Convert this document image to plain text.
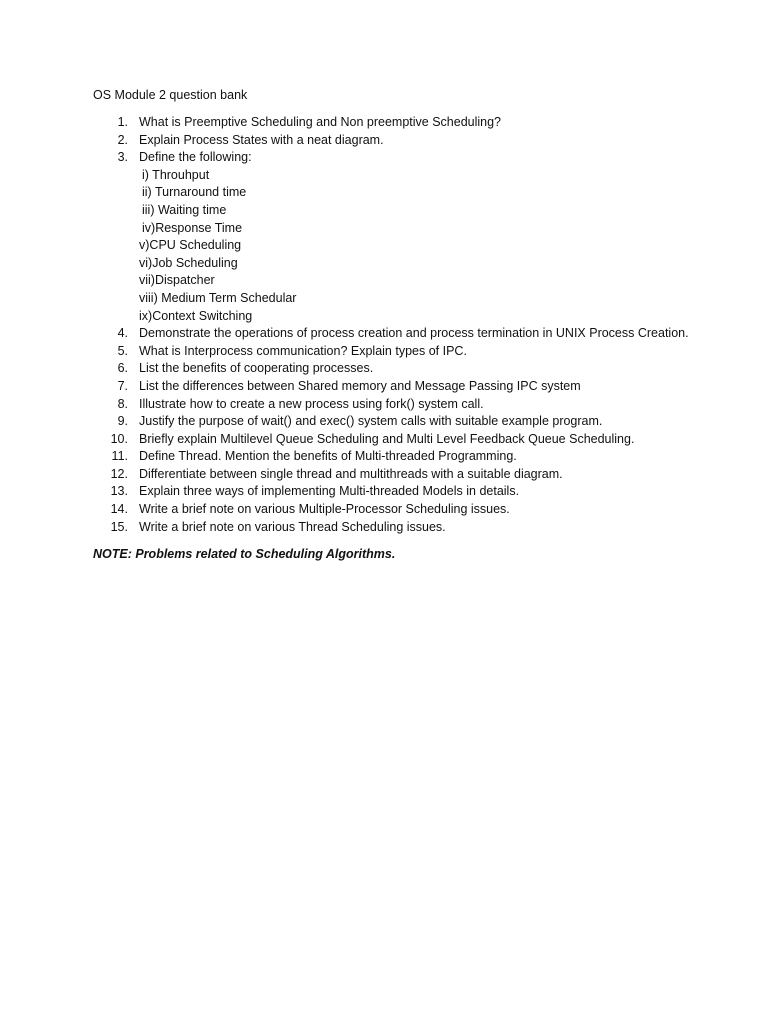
OS Module 2 question bank
1. What is Preemptive Scheduling and Non preemptive Scheduling?
2. Explain Process States with a neat diagram.
3. Define the following:
i) Throuhput
ii) Turnaround time
iii) Waiting time
iv)Response Time
v)CPU Scheduling
vi)Job Scheduling
vii)Dispatcher
viii) Medium Term Schedular
ix)Context Switching
4. Demonstrate the operations of process creation and process termination in UNIX Process Creation.
5. What is Interprocess communication? Explain types of IPC.
6. List the benefits of cooperating processes.
7. List the differences between Shared memory and Message Passing IPC system
8. Illustrate how to create a new process using fork() system call.
9. Justify the purpose of wait() and exec() system calls with suitable example program.
10. Briefly explain Multilevel Queue Scheduling and Multi Level Feedback Queue Scheduling.
11. Define Thread. Mention the benefits of Multi-threaded Programming.
12. Differentiate between single thread and multithreads with a suitable diagram.
13. Explain three ways of implementing Multi-threaded Models in details.
14. Write a brief note on various Multiple-Processor Scheduling issues.
15. Write a brief note on various Thread Scheduling issues.
NOTE: Problems related to Scheduling Algorithms.
